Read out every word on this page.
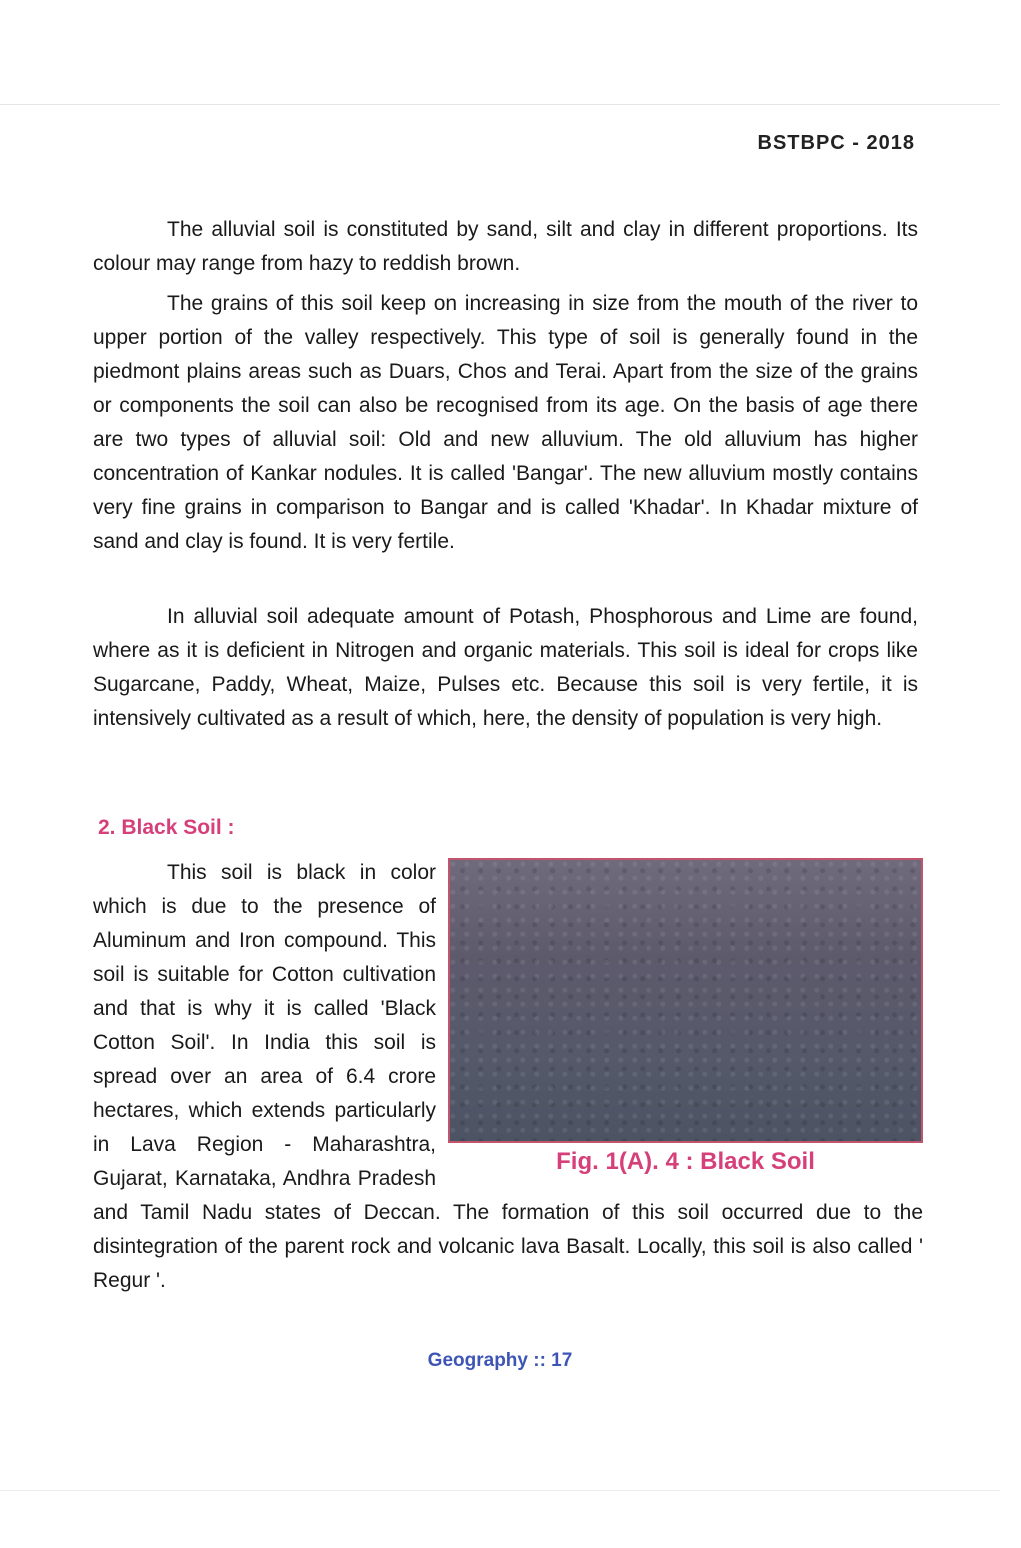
BSTBPC - 2018

The alluvial soil is constituted by sand, silt and clay in different proportions. Its colour may range from hazy to reddish brown.

The grains of this soil keep on increasing in size from the mouth of the river to upper portion of the valley respectively. This type of soil is generally found in the piedmont plains areas such as Duars, Chos and Terai. Apart from the size of the grains or components the soil can also be recognised from its age. On the basis of age there are two types of alluvial soil: Old and new alluvium. The old alluvium has higher concentration of Kankar nodules. It is called 'Bangar'. The new alluvium mostly contains very fine grains in comparison to Bangar and is called 'Khadar'. In Khadar mixture of sand and clay is found. It is very fertile.

In alluvial soil adequate amount of Potash, Phosphorous and Lime are found, where as it is deficient in Nitrogen and organic materials. This soil is ideal for crops like Sugarcane, Paddy, Wheat, Maize, Pulses etc. Because this soil is very fertile, it is intensively cultivated as a result of which, here, the density of population is very high.

2. Black Soil :
Fig. 1(A). 4 : Black Soil

This soil is black in color which is due to the presence of Aluminum and Iron compound. This soil is suitable for Cotton cultivation and that is why it is called 'Black Cotton Soil'. In India this soil is spread over an area of 6.4 crore hectares, which extends particularly in Lava Region - Maharashtra, Gujarat, Karnataka, Andhra Pradesh and Tamil Nadu states of Deccan. The formation of this soil occurred due to the disintegration of the parent rock and volcanic lava Basalt. Locally, this soil is also called ' Regur '.

Geography :: 17
